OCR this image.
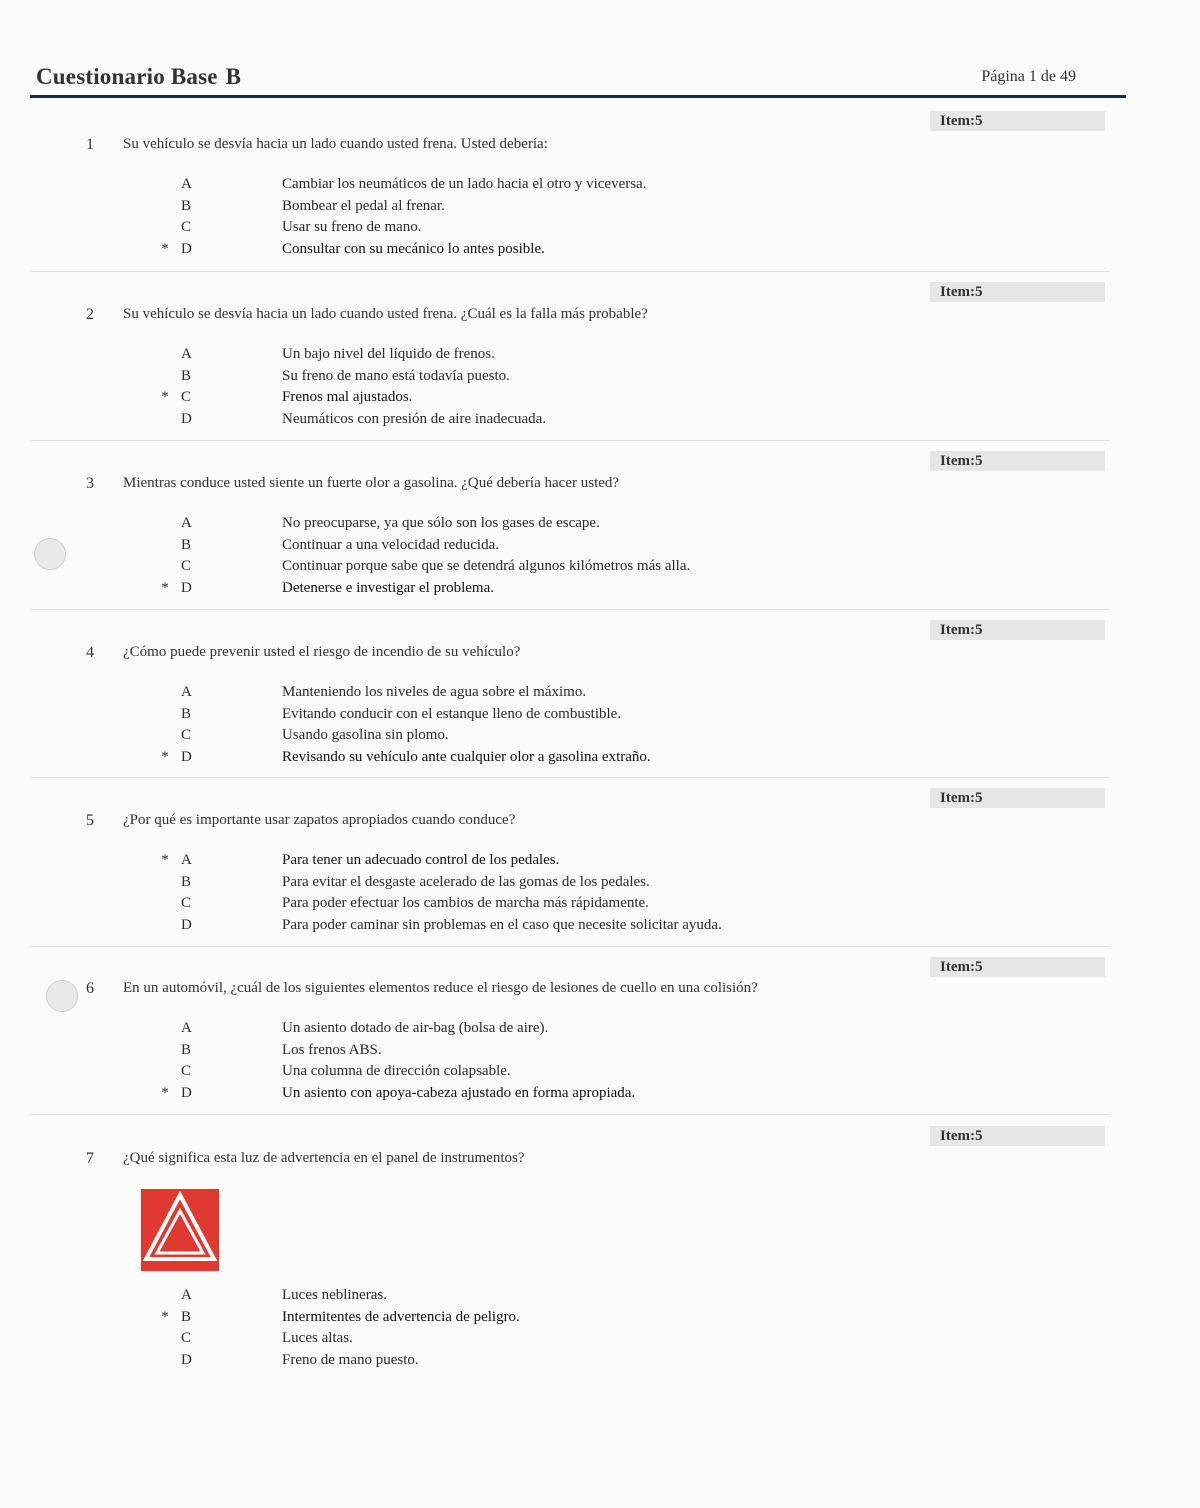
Cuestionario Base B	Página 1 de 49
Item:5
1 Su vehículo se desvía hacia un lado cuando usted frena. Usted debería:
A	Cambiar los neumáticos de un lado hacia el otro y viceversa.
B	Bombear el pedal al frenar.
C	Usar su freno de mano.
* D	Consultar con su mecánico lo antes posible.
Item:5
2 Su vehículo se desvía hacia un lado cuando usted frena. ¿Cuál es la falla más probable?
A	Un bajo nivel del líquido de frenos.
B	Su freno de mano está todavía puesto.
* C	Frenos mal ajustados.
D	Neumáticos con presión de aire inadecuada.
Item:5
3 Mientras conduce usted siente un fuerte olor a gasolina. ¿Qué debería hacer usted?
A	No preocuparse, ya que sólo son los gases de escape.
B	Continuar a una velocidad reducida.
C	Continuar porque sabe que se detendrá algunos kilómetros más alla.
* D	Detenerse e investigar el problema.
Item:5
4 ¿Cómo puede prevenir usted el riesgo de incendio de su vehículo?
A	Manteniendo los niveles de agua sobre el máximo.
B	Evitando conducir con el estanque lleno de combustible.
C	Usando gasolina sin plomo.
* D	Revisando su vehículo ante cualquier olor a gasolina extraño.
Item:5
5 ¿Por qué es importante usar zapatos apropiados cuando conduce?
* A	Para tener un adecuado control de los pedales.
B	Para evitar el desgaste acelerado de las gomas de los pedales.
C	Para poder efectuar los cambios de marcha más rápidamente.
D	Para poder caminar sin problemas en el caso que necesite solicitar ayuda.
Item:5
6 En un automóvil, ¿cuál de los siguientes elementos reduce el riesgo de lesiones de cuello en una colisión?
A	Un asiento dotado de air-bag (bolsa de aire).
B	Los frenos ABS.
C	Una columna de dirección colapsable.
* D	Un asiento con apoya-cabeza ajustado en forma apropiada.
Item:5
7 ¿Qué significa esta luz de advertencia en el panel de instrumentos?
A	Luces neblineras.
* B	Intermitentes de advertencia de peligro.
C	Luces altas.
D	Freno de mano puesto.
